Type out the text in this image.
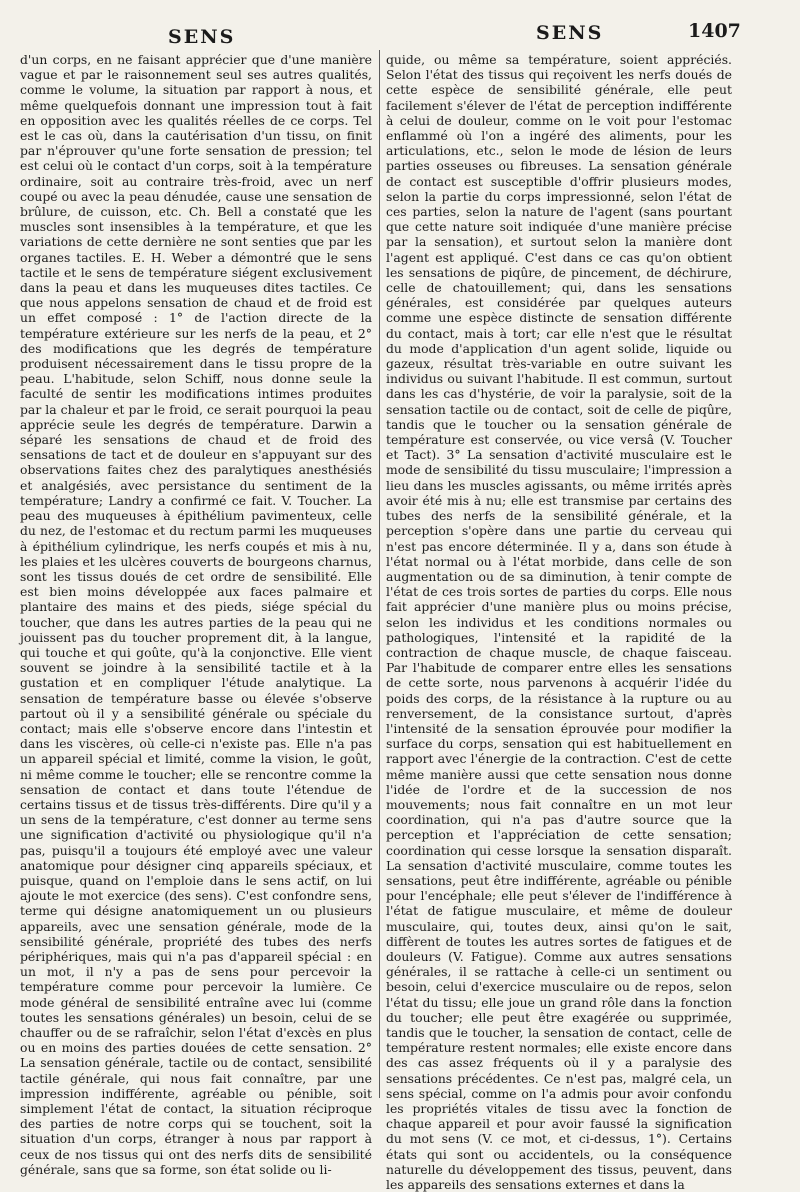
SENS	SENS	1407

d'un corps, en ne faisant apprécier que d'une manière vague et par le raisonnement seul ses autres qualités, comme le volume, la situation par rapport à nous, et même quelquefois donnant une impression tout à fait en opposition avec les qualités réelles de ce corps. Tel est le cas où, dans la cautérisation d'un tissu, on finit par n'éprouver qu'une forte sensation de pression; tel est celui où le contact d'un corps, soit à la température ordinaire, soit au contraire très-froid, avec un nerf coupé ou avec la peau dénudée, cause une sensation de brûlure, de cuisson, etc. Ch. Bell a constaté que les muscles sont insensibles à la température, et que les variations de cette dernière ne sont senties que par les organes tactiles. E. H. Weber a démontré que le sens tactile et le sens de température siégent exclusivement dans la peau et dans les muqueuses dites tactiles. Ce que nous appelons sensation de chaud et de froid est un effet composé : 1° de l'action directe de la température extérieure sur les nerfs de la peau, et 2° des modifications que les degrés de température produisent nécessairement dans le tissu propre de la peau. L'habitude, selon Schiff, nous donne seule la faculté de sentir les modifications intimes produites par la chaleur et par le froid, ce serait pourquoi la peau apprécie seule les degrés de température. Darwin a séparé les sensations de chaud et de froid des sensations de tact et de douleur en s'appuyant sur des observations faites chez des paralytiques anesthésiés et analgésiés, avec persistance du sentiment de la température; Landry a confirmé ce fait. V. Toucher. La peau des muqueuses à épithélium pavimenteux, celle du nez, de l'estomac et du rectum parmi les muqueuses à épithélium cylindrique, les nerfs coupés et mis à nu, les plaies et les ulcères couverts de bourgeons charnus, sont les tissus doués de cet ordre de sensibilité. Elle est bien moins développée aux faces palmaire et plantaire des mains et des pieds, siége spécial du toucher, que dans les autres parties de la peau qui ne jouissent pas du toucher proprement dit, à la langue, qui touche et qui goûte, qu'à la conjonctive. Elle vient souvent se joindre à la sensibilité tactile et à la gustation et en compliquer l'étude analytique. La sensation de température basse ou élevée s'observe partout où il y a sensibilité générale ou spéciale du contact; mais elle s'observe encore dans l'intestin et dans les viscères, où celle-ci n'existe pas. Elle n'a pas un appareil spécial et limité, comme la vision, le goût, ni même comme le toucher; elle se rencontre comme la sensation de contact et dans toute l'étendue de certains tissus et de tissus très-différents. Dire qu'il y a un sens de la température, c'est donner au terme sens une signification d'activité ou physiologique qu'il n'a pas, puisqu'il a toujours été employé avec une valeur anatomique pour désigner cinq appareils spéciaux, et puisque, quand on l'emploie dans le sens actif, on lui ajoute le mot exercice (des sens). C'est confondre sens, terme qui désigne anatomiquement un ou plusieurs appareils, avec une sensation générale, mode de la sensibilité générale, propriété des tubes des nerfs périphériques, mais qui n'a pas d'appareil spécial : en un mot, il n'y a pas de sens pour percevoir la température comme pour percevoir la lumière. Ce mode général de sensibilité entraîne avec lui (comme toutes les sensations générales) un besoin, celui de se chauffer ou de se rafraîchir, selon l'état d'excès en plus ou en moins des parties douées de cette sensation. 2° La sensation générale, tactile ou de contact, sensibilité tactile générale, qui nous fait connaître, par une impression indifférente, agréable ou pénible, soit simplement l'état de contact, la situation réciproque des parties de notre corps qui se touchent, soit la situation d'un corps, étranger à nous par rapport à ceux de nos tissus qui ont des nerfs dits de sensibilité générale, sans que sa forme, son état solide ou li-

quide, ou même sa température, soient appréciés. Selon l'état des tissus qui reçoivent les nerfs doués de cette espèce de sensibilité générale, elle peut facilement s'élever de l'état de perception indifférente à celui de douleur, comme on le voit pour l'estomac enflammé où l'on a ingéré des aliments, pour les articulations, etc., selon le mode de lésion de leurs parties osseuses ou fibreuses. La sensation générale de contact est susceptible d'offrir plusieurs modes, selon la partie du corps impressionné, selon l'état de ces parties, selon la nature de l'agent (sans pourtant que cette nature soit indiquée d'une manière précise par la sensation), et surtout selon la manière dont l'agent est appliqué. C'est dans ce cas qu'on obtient les sensations de piqûre, de pincement, de déchirure, celle de chatouillement; qui, dans les sensations générales, est considérée par quelques auteurs comme une espèce distincte de sensation différente du contact, mais à tort; car elle n'est que le résultat du mode d'application d'un agent solide, liquide ou gazeux, résultat très-variable en outre suivant les individus ou suivant l'habitude. Il est commun, surtout dans les cas d'hystérie, de voir la paralysie, soit de la sensation tactile ou de contact, soit de celle de piqûre, tandis que le toucher ou la sensation générale de température est conservée, ou vice versâ (V. Toucher et Tact). 3° La sensation d'activité musculaire est le mode de sensibilité du tissu musculaire; l'impression a lieu dans les muscles agissants, ou même irrités après avoir été mis à nu; elle est transmise par certains des tubes des nerfs de la sensibilité générale, et la perception s'opère dans une partie du cerveau qui n'est pas encore déterminée. Il y a, dans son étude à l'état normal ou à l'état morbide, dans celle de son augmentation ou de sa diminution, à tenir compte de l'état de ces trois sortes de parties du corps. Elle nous fait apprécier d'une manière plus ou moins précise, selon les individus et les conditions normales ou pathologiques, l'intensité et la rapidité de la contraction de chaque muscle, de chaque faisceau. Par l'habitude de comparer entre elles les sensations de cette sorte, nous parvenons à acquérir l'idée du poids des corps, de la résistance à la rupture ou au renversement, de la consistance surtout, d'après l'intensité de la sensation éprouvée pour modifier la surface du corps, sensation qui est habituellement en rapport avec l'énergie de la contraction. C'est de cette même manière aussi que cette sensation nous donne l'idée de l'ordre et de la succession de nos mouvements; nous fait connaître en un mot leur coordination, qui n'a pas d'autre source que la perception et l'appréciation de cette sensation; coordination qui cesse lorsque la sensation disparaît. La sensation d'activité musculaire, comme toutes les sensations, peut être indifférente, agréable ou pénible pour l'encéphale; elle peut s'élever de l'indifférence à l'état de fatigue musculaire, et même de douleur musculaire, qui, toutes deux, ainsi qu'on le sait, diffèrent de toutes les autres sortes de fatigues et de douleurs (V. Fatigue). Comme aux autres sensations générales, il se rattache à celle-ci un sentiment ou besoin, celui d'exercice musculaire ou de repos, selon l'état du tissu; elle joue un grand rôle dans la fonction du toucher; elle peut être exagérée ou supprimée, tandis que le toucher, la sensation de contact, celle de température restent normales; elle existe encore dans des cas assez fréquents où il y a paralysie des sensations précédentes. Ce n'est pas, malgré cela, un sens spécial, comme on l'a admis pour avoir confondu les propriétés vitales de tissu avec la fonction de chaque appareil et pour avoir faussé la signification du mot sens (V. ce mot, et ci-dessus, 1°). Certains états qui sont ou accidentels, ou la conséquence naturelle du développement des tissus, peuvent, dans les appareils des sensations externes et dans la
